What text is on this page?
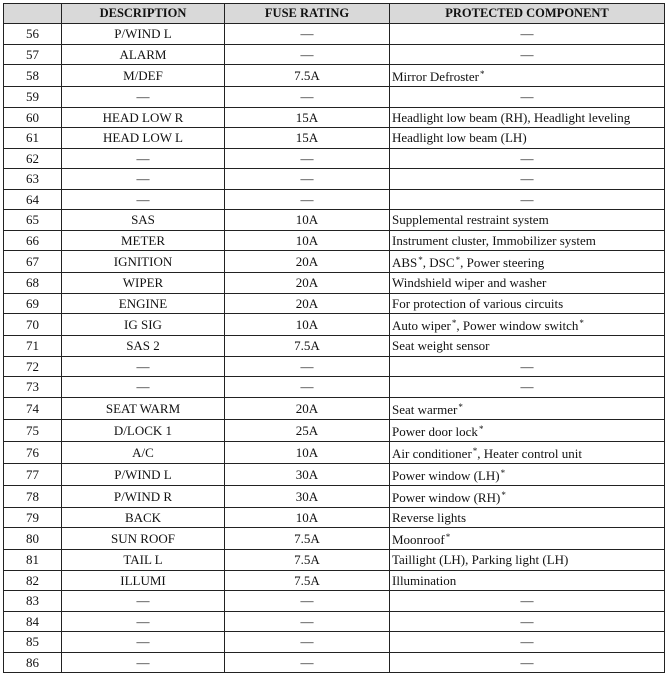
	DESCRIPTION	FUSE RATING	PROTECTED COMPONENT
56	P/WIND L	—	—
57	ALARM	—	—
58	M/DEF	7.5A	Mirror Defroster*
59	—	—	—
60	HEAD LOW R	15A	Headlight low beam (RH), Headlight leveling
61	HEAD LOW L	15A	Headlight low beam (LH)
62	—	—	—
63	—	—	—
64	—	—	—
65	SAS	10A	Supplemental restraint system
66	METER	10A	Instrument cluster, Immobilizer system
67	IGNITION	20A	ABS*, DSC*, Power steering
68	WIPER	20A	Windshield wiper and washer
69	ENGINE	20A	For protection of various circuits
70	IG SIG	10A	Auto wiper*, Power window switch*
71	SAS 2	7.5A	Seat weight sensor
72	—	—	—
73	—	—	—
74	SEAT WARM	20A	Seat warmer*
75	D/LOCK 1	25A	Power door lock*
76	A/C	10A	Air conditioner*, Heater control unit
77	P/WIND L	30A	Power window (LH)*
78	P/WIND R	30A	Power window (RH)*
79	BACK	10A	Reverse lights
80	SUN ROOF	7.5A	Moonroof*
81	TAIL L	7.5A	Taillight (LH), Parking light (LH)
82	ILLUMI	7.5A	Illumination
83	—	—	—
84	—	—	—
85	—	—	—
86	—	—	—
